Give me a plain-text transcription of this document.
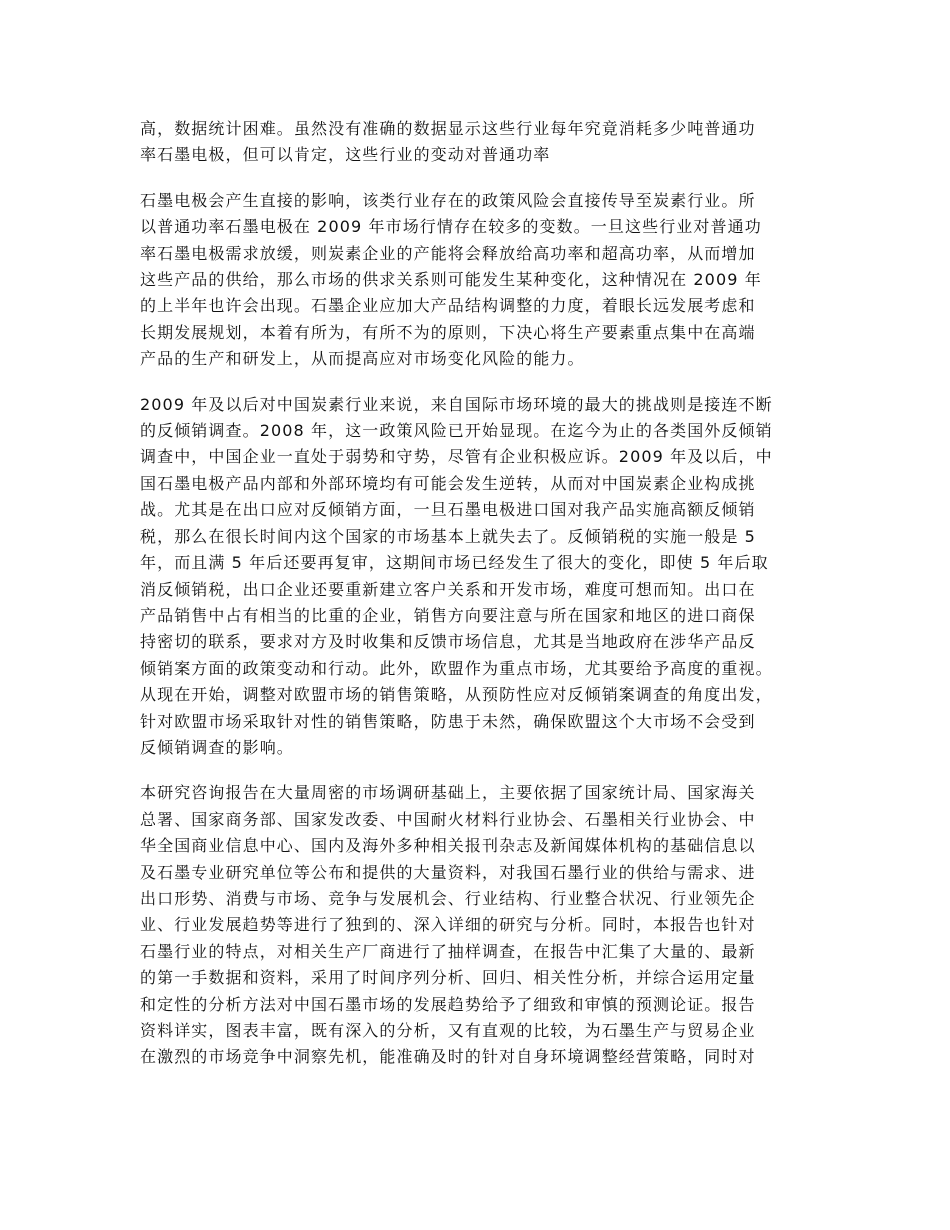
高，数据统计困难。虽然没有准确的数据显示这些行业每年究竟消耗多少吨普通功
率石墨电极，但可以肯定，这些行业的变动对普通功率

石墨电极会产生直接的影响，该类行业存在的政策风险会直接传导至炭素行业。所
以普通功率石墨电极在 2009 年市场行情存在较多的变数。一旦这些行业对普通功
率石墨电极需求放缓，则炭素企业的产能将会释放给高功率和超高功率，从而增加
这些产品的供给，那么市场的供求关系则可能发生某种变化，这种情况在 2009 年
的上半年也许会出现。石墨企业应加大产品结构调整的力度，着眼长远发展考虑和
长期发展规划，本着有所为，有所不为的原则，下决心将生产要素重点集中在高端
产品的生产和研发上，从而提高应对市场变化风险的能力。

2009 年及以后对中国炭素行业来说，来自国际市场环境的最大的挑战则是接连不断
的反倾销调查。2008 年，这一政策风险已开始显现。在迄今为止的各类国外反倾销
调查中，中国企业一直处于弱势和守势，尽管有企业积极应诉。2009 年及以后，中
国石墨电极产品内部和外部环境均有可能会发生逆转，从而对中国炭素企业构成挑
战。尤其是在出口应对反倾销方面，一旦石墨电极进口国对我产品实施高额反倾销
税，那么在很长时间内这个国家的市场基本上就失去了。反倾销税的实施一般是 5
年，而且满 5 年后还要再复审，这期间市场已经发生了很大的变化，即使 5 年后取
消反倾销税，出口企业还要重新建立客户关系和开发市场，难度可想而知。出口在
产品销售中占有相当的比重的企业，销售方向要注意与所在国家和地区的进口商保
持密切的联系，要求对方及时收集和反馈市场信息，尤其是当地政府在涉华产品反
倾销案方面的政策变动和行动。此外，欧盟作为重点市场，尤其要给予高度的重视。
从现在开始，调整对欧盟市场的销售策略，从预防性应对反倾销案调查的角度出发，
针对欧盟市场采取针对性的销售策略，防患于未然，确保欧盟这个大市场不会受到
反倾销调查的影响。

本研究咨询报告在大量周密的市场调研基础上，主要依据了国家统计局、国家海关
总署、国家商务部、国家发改委、中国耐火材料行业协会、石墨相关行业协会、中
华全国商业信息中心、国内及海外多种相关报刊杂志及新闻媒体机构的基础信息以
及石墨专业研究单位等公布和提供的大量资料，对我国石墨行业的供给与需求、进
出口形势、消费与市场、竞争与发展机会、行业结构、行业整合状况、行业领先企
业、行业发展趋势等进行了独到的、深入详细的研究与分析。同时，本报告也针对
石墨行业的特点，对相关生产厂商进行了抽样调查，在报告中汇集了大量的、最新
的第一手数据和资料，采用了时间序列分析、回归、相关性分析，并综合运用定量
和定性的分析方法对中国石墨市场的发展趋势给予了细致和审慎的预测论证。报告
资料详实，图表丰富，既有深入的分析，又有直观的比较，为石墨生产与贸易企业
在激烈的市场竞争中洞察先机，能准确及时的针对自身环境调整经营策略，同时对
